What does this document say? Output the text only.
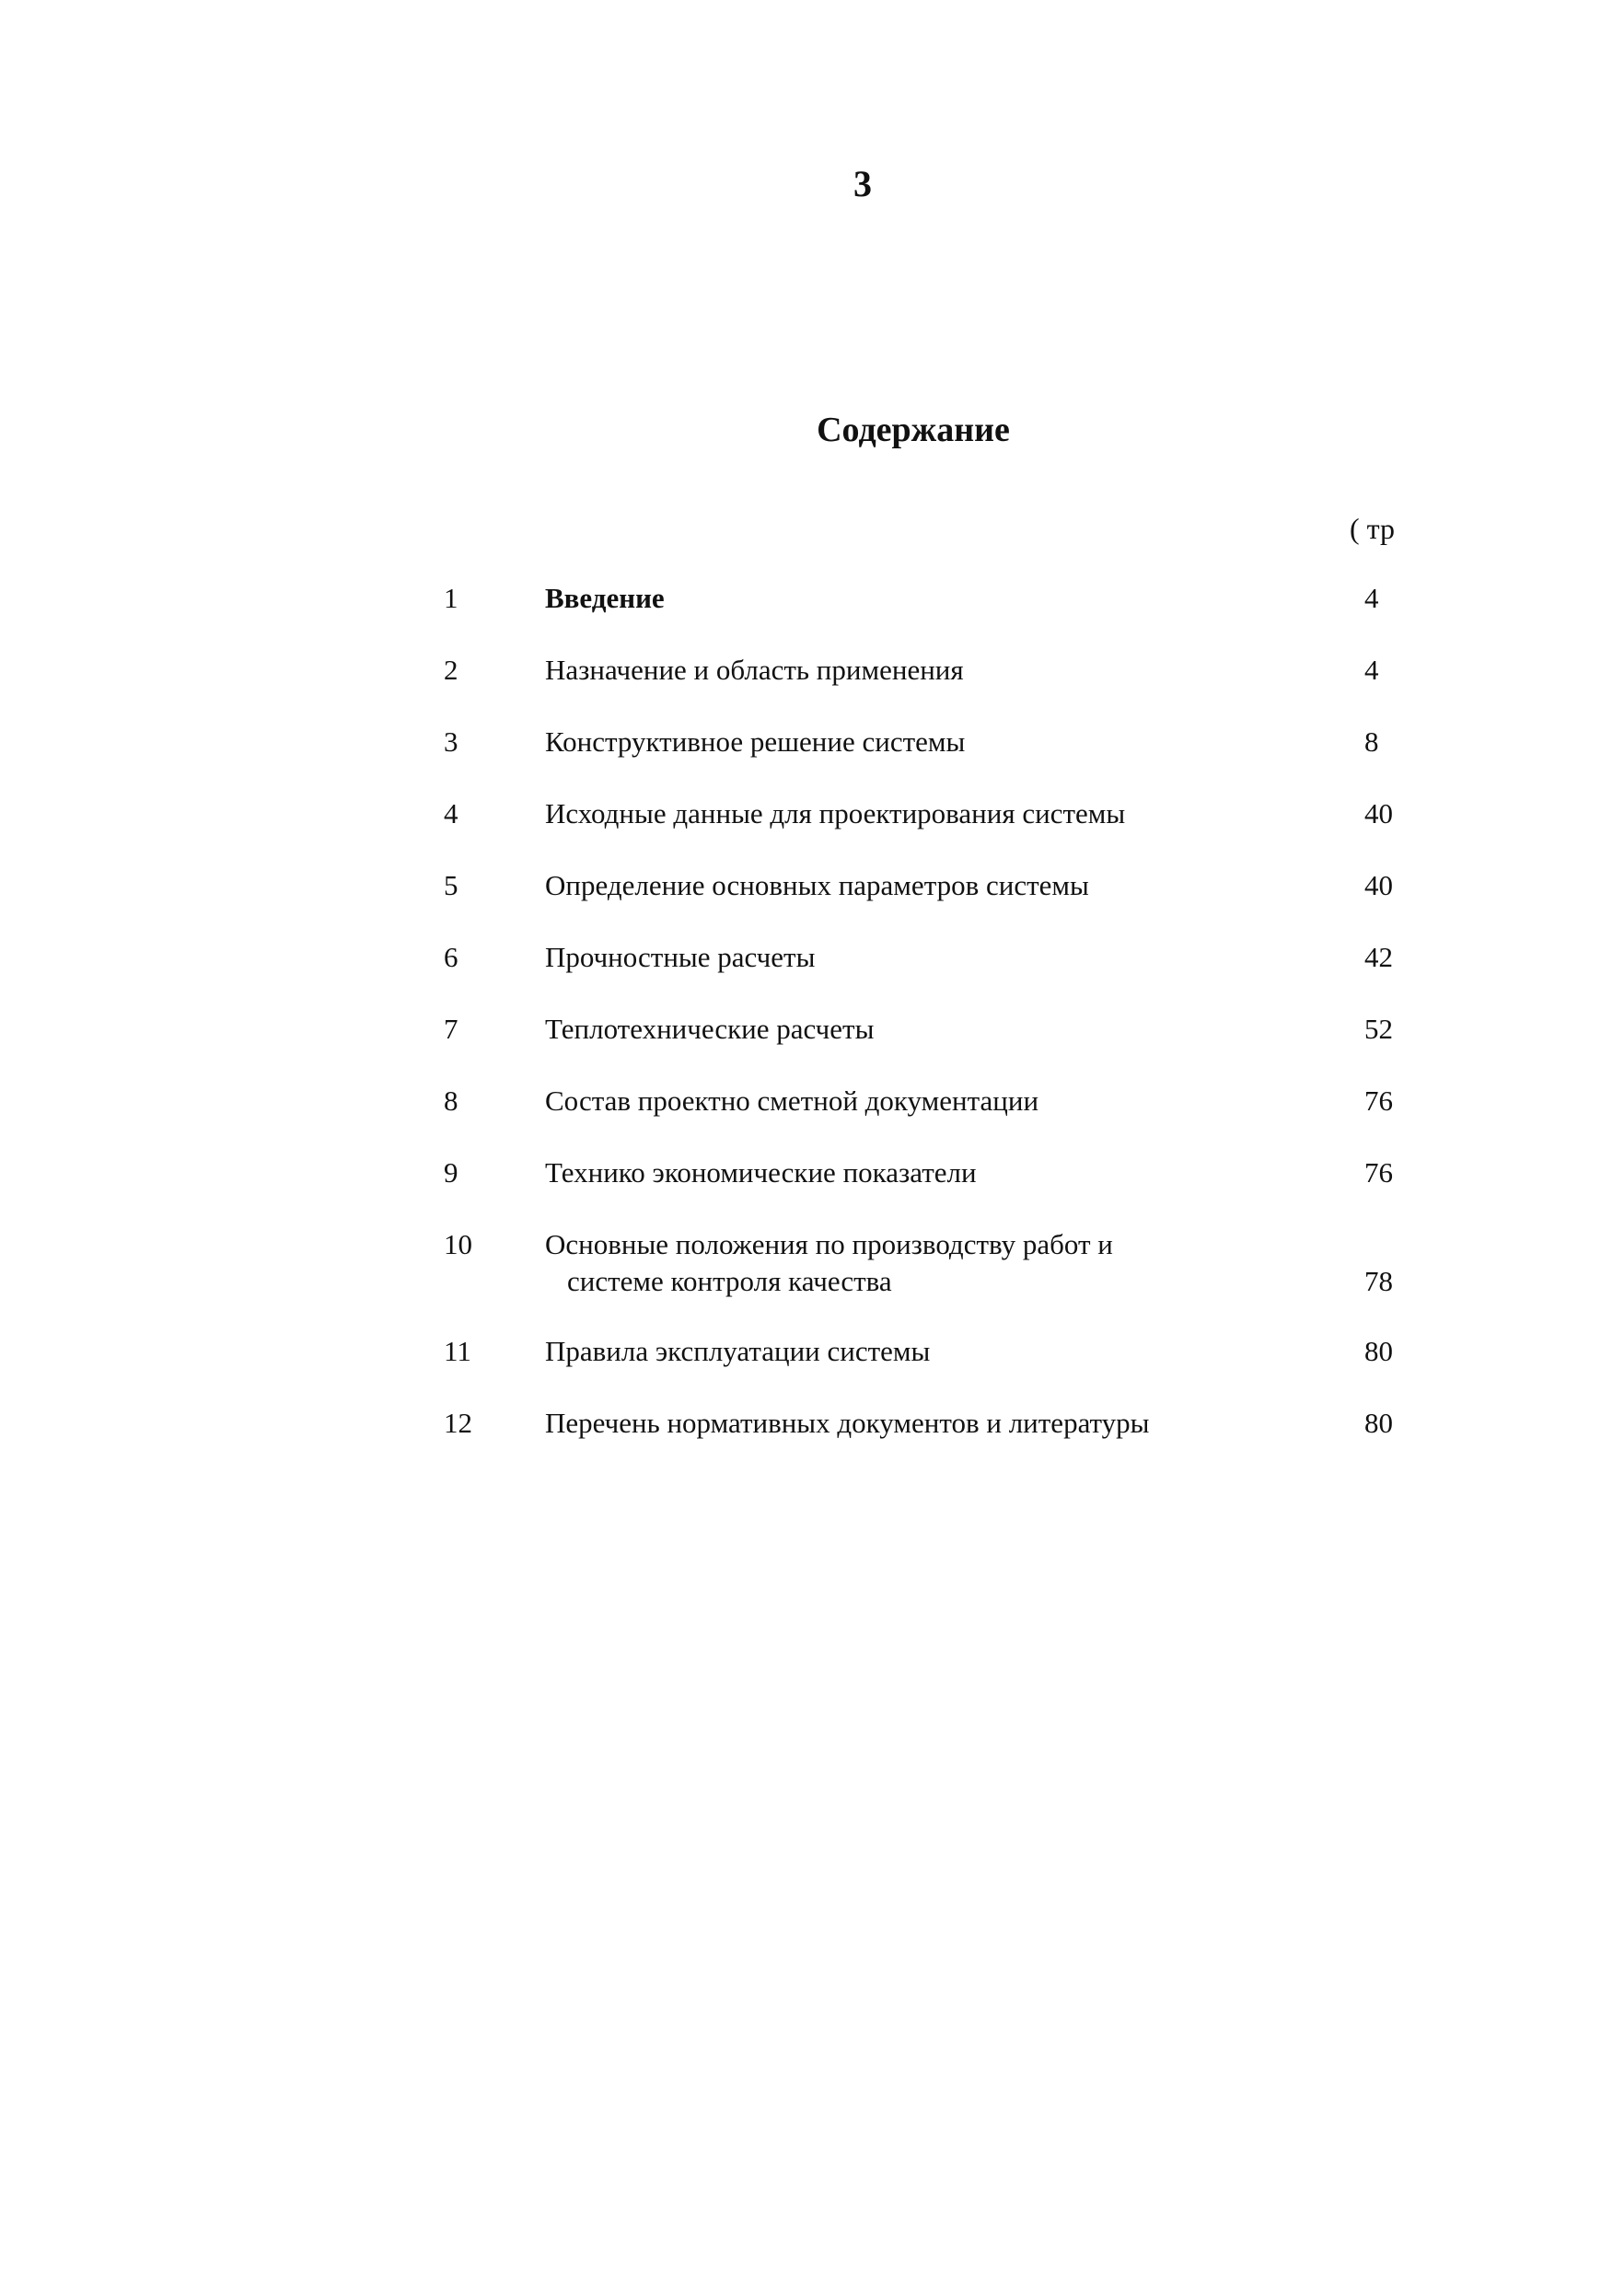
3
Содержание
( тр
1	Введение	4
2	Назначение и область применения	4
3	Конструктивное решение системы	8
4	Исходные данные для проектирования системы	40
5	Определение основных параметров системы	40
6	Прочностные расчеты	42
7	Теплотехнические расчеты	52
8	Состав проектно сметной документации	76
9	Технико экономические показатели	76
10	Основные положения по производству работ и
системе контроля качества	78
11	Правила эксплуатации системы	80
12	Перечень нормативных документов и литературы	80
